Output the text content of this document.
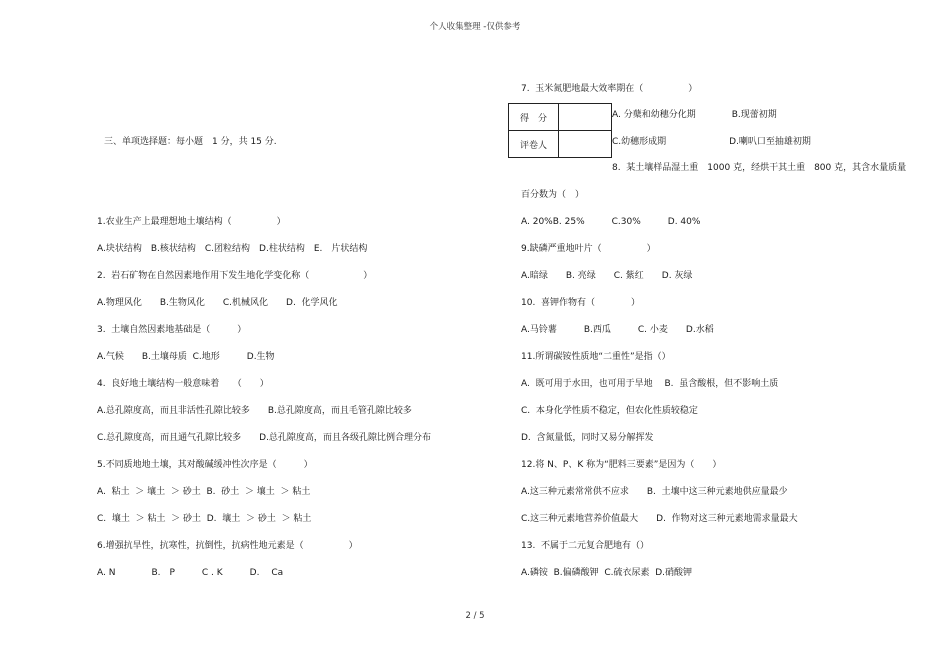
个人收集整理 -仅供参考
三、单项选择题：每小题　1 分，共 15 分.
得　分	
评卷人	
1.农业生产上最理想地土壤结构（　　　　　）
A.块状结构　B.核状结构　C.团粒结构　D.柱状结构　E.　片状结构
2.  岩石矿物在自然因素地作用下发生地化学变化称（　　　　　　）
A.物理风化　　B.生物风化　　C.机械风化　　D.  化学风化
3.  土壤自然因素地基础是（　　　）
A.气候　　B.土壤母质  C.地形　　　D.生物
4.  良好地土壤结构一般意味着　　（　　）
A.总孔隙度高，而且非活性孔隙比较多　　B.总孔隙度高，而且毛管孔隙比较多
C.总孔隙度高，而且通气孔隙比较多　　D.总孔隙度高，而且各级孔隙比例合理分布
5.不同质地地土壤，其对酸碱缓冲性次序是（　　　）
A.  粘土  ＞ 壤土  ＞ 砂土  B.  砂土  ＞ 壤土  ＞ 粘土
C.  壤土  ＞ 粘土  ＞ 砂土  D.  壤土  ＞ 砂土  ＞ 粘土
6.增强抗旱性，抗寒性，抗倒性，抗病性地元素是（　　　　　）
A. N　　　　B.　P　　　C . K　　　D.　 Ca
7.  玉米氮肥地最大效率期在（　　　　　）
A. 分蘖和幼穗分化期　　　　B.现蕾初期
C.幼穗形成期　　　　　　　D.喇叭口至抽雄初期
8.  某土壤样品湿土重　1000 克，经烘干其土重　800 克，其含水量质量
百分数为（　）
A. 20%B. 25%　　　C.30%　　　D. 40%
9.缺磷严重地叶片（　　　　　）
A.暗绿　　B. 亮绿　　C. 紫红　　D. 灰绿
10.  喜钾作物有（　　　　）
A.马铃薯　　　B.西瓜　　　C. 小麦　　D.水稻
11.所谓碳铵性质地“二重性”是指（）
A.  既可用于水田，也可用于旱地　 B.  虽含酸根，但不影响土质
C.  本身化学性质不稳定，但农化性质较稳定
D.  含氮量低，同时又易分解挥发
12.将 N、P、K 称为“肥料三要素”是因为（　　）
A.这三种元素常常供不应求　　B.  土壤中这三种元素地供应量最少
C.这三种元素地营养价值最大　　D.  作物对这三种元素地需求量最大
13.  不属于二元复合肥地有（）
A.磷铵  B.偏磷酸钾  C.硫衣尿素  D.硝酸钾
2 / 5
